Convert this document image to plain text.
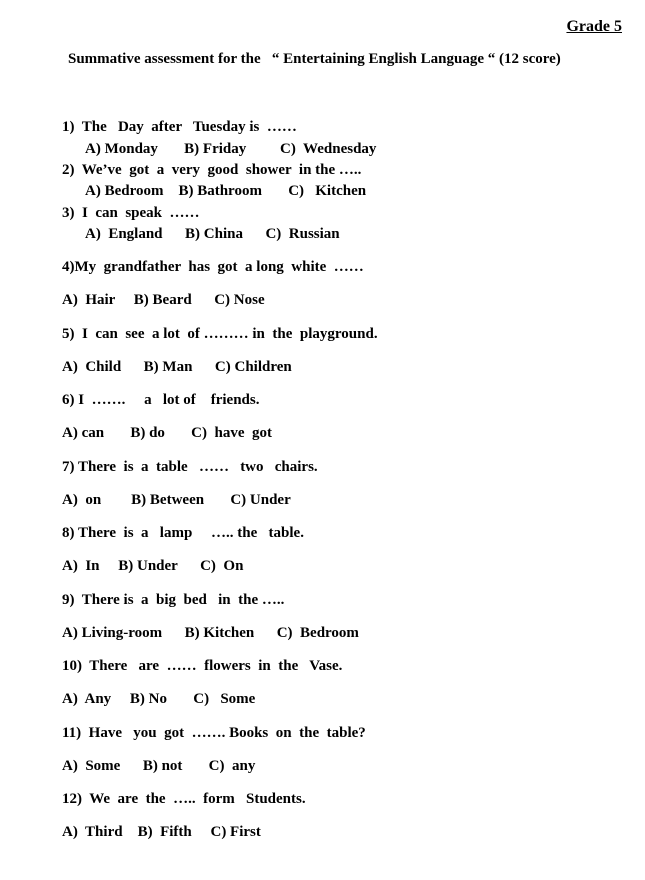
Grade 5
Summative assessment for the   “ Entertaining English Language “ (12 score)
1)  The   Day  after   Tuesday is  ……
A) Monday       B) Friday         C)  Wednesday
2)  We’ve  got  a  very  good  shower  in the …..
A) Bedroom    B) Bathroom       C)   Kitchen
3)  I  can  speak  ……
A)  England      B) China      C)  Russian
4)My  grandfather  has  got  a long  white  ……
A)  Hair     B) Beard      C) Nose
5)  I  can  see  a lot  of ……… in  the  playground.
A)  Child      B) Man      C) Children
6) I  …….     a   lot of    friends.
A) can       B) do       C)  have  got
7) There  is  a  table   ……   two   chairs.
A)  on        B) Between       C) Under
8) There  is  a   lamp     ….. the   table.
A)  In     B) Under      C)  On
9)  There is  a  big  bed   in  the …..
A) Living-room      B) Kitchen      C)  Bedroom
10)  There   are  ……  flowers  in  the   Vase.
A)  Any     B) No       C)   Some
11)  Have   you  got  ……. Books  on  the  table?
A)  Some      B) not       C)  any
12)  We  are  the  …..  form   Students.
A)  Third    B)  Fifth     C) First
